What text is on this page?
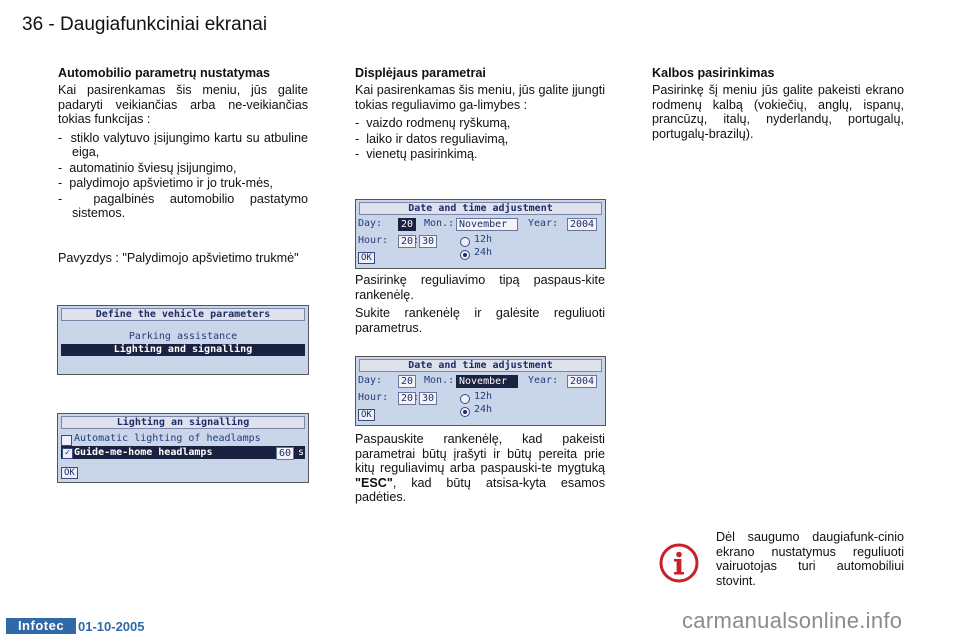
36 - Daugiafunkciniai ekranai
Automobilio parametrų nustatymas

Kai pasirenkamas šis meniu, jūs galite padaryti veikiančias arba ne-veikiančias tokias funkcijas :

-  stiklo valytuvo įsijungimo kartu su atbuline eiga,
-  automatinio šviesų įsijungimo,
-  palydimojo apšvietimo ir jo truk-mės,
-  pagalbinės automobilio pastatymo sistemos.

Pavyzdys : "Palydimojo apšvietimo trukmė"

Define the vehicle parameters
Parking assistance
Lighting and signalling
Lighting an signalling
Automatic lighting of headlamps
✓ Guide-me-home headlamps	60 s
OK
Displėjaus parametrai

Kai pasirenkamas šis meniu, jūs galite įjungti tokias reguliavimo ga-limybes :

-  vaizdo rodmenų ryškumą,
-  laiko ir datos reguliavimą,
-  vienetų pasirinkimą.
Date and time adjustment
Day:	20	Mon.: November	Year:	2004
Hour:	20 : 30	12h
24h
OK

Pasirinkę reguliavimo tipą paspaus-kite rankenėlę.

Sukite rankenėlę ir galėsite reguliuoti parametrus.

Date and time adjustment
Day:	20	Mon.: November	Year:	2004
Hour:	20 : 30	12h
24h
OK

Paspauskite rankenėlę, kad pakeisti parametrai būtų įrašyti ir būtų pereita prie kitų reguliavimų arba paspauski-te mygtuką "ESC", kad būtų atsisa-kyta esamos padėties.

Kalbos pasirinkimas

Pasirinkę šį meniu jūs galite pakeisti ekrano rodmenų kalbą (vokiečių, anglų, ispanų, prancūzų, italų, nyderlandų, portugalų, portugalų-brazilų).

Dėl saugumo daugiafunk-cinio ekrano nustatymus reguliuoti vairuotojas turi automobiliui stovint.
Infotec	01-10-2005	carmanualsonline.info
